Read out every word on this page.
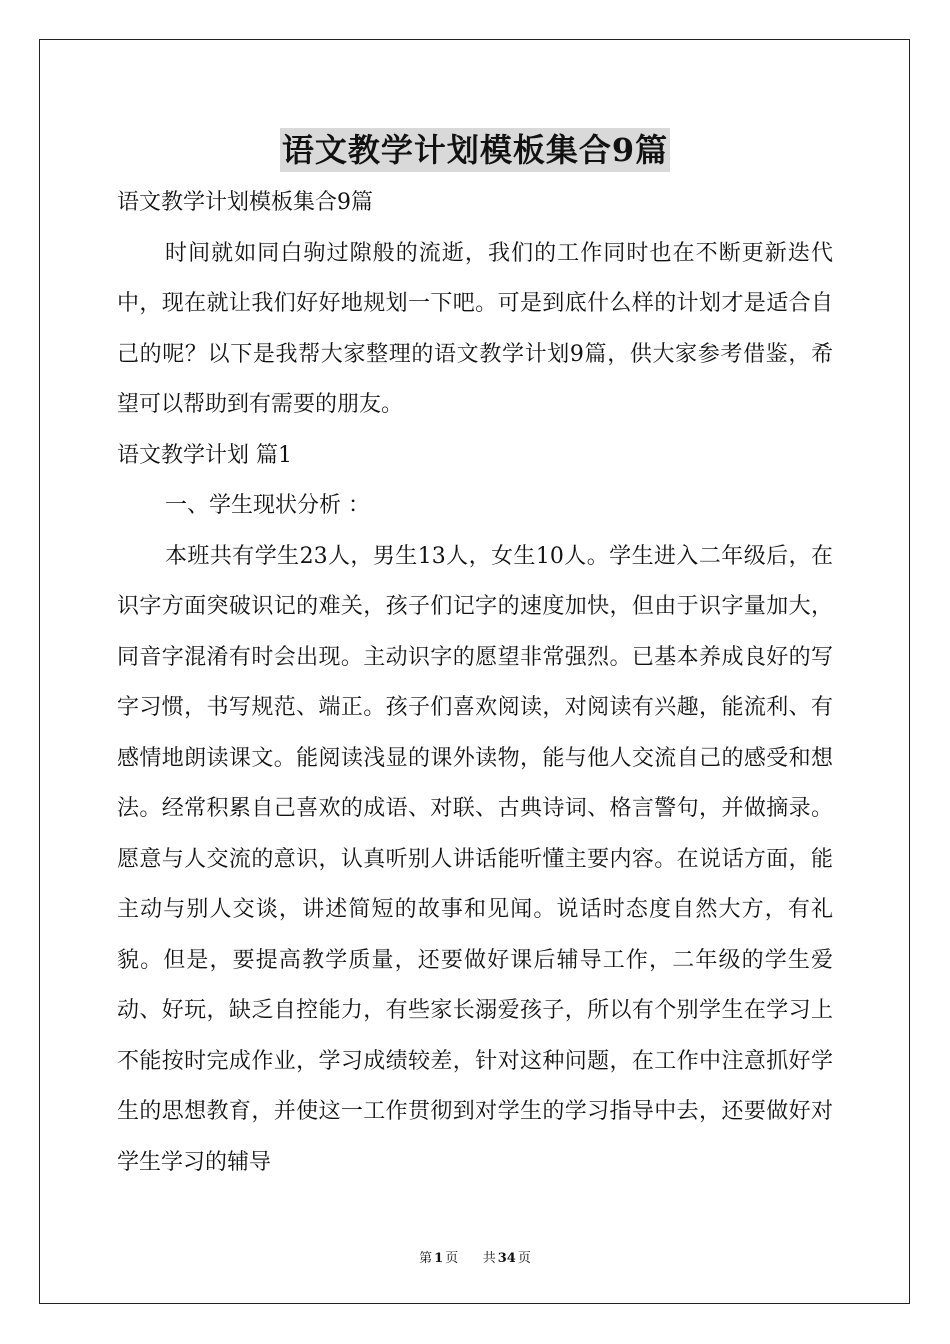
语文教学计划模板集合9篇

语文教学计划模板集合9篇

时间就如同白驹过隙般的流逝，我们的工作同时也在不断更新迭代中，现在就让我们好好地规划一下吧。可是到底什么样的计划才是适合自己的呢？以下是我帮大家整理的语文教学计划9篇，供大家参考借鉴，希望可以帮助到有需要的朋友。

语文教学计划 篇1

一、学生现状分析 ：

本班共有学生23人，男生13人，女生10人。学生进入二年级后，在识字方面突破识记的难关，孩子们记字的速度加快，但由于识字量加大，同音字混淆有时会出现。主动识字的愿望非常强烈。已基本养成良好的写字习惯，书写规范、端正。孩子们喜欢阅读，对阅读有兴趣，能流利、有感情地朗读课文。能阅读浅显的课外读物，能与他人交流自己的感受和想法。经常积累自己喜欢的成语、对联、古典诗词、格言警句，并做摘录。愿意与人交流的意识，认真听别人讲话能听懂主要内容。在说话方面，能主动与别人交谈，讲述简短的故事和见闻。说话时态度自然大方，有礼貌。但是，要提高教学质量，还要做好课后辅导工作，二年级的学生爱动、好玩，缺乏自控能力，有些家长溺爱孩子，所以有个别学生在学习上不能按时完成作业，学习成绩较差，针对这种问题，在工作中注意抓好学生的思想教育，并使这一工作贯彻到对学生的学习指导中去，还要做好对学生学习的辅导

第 1 页 共 34 页
